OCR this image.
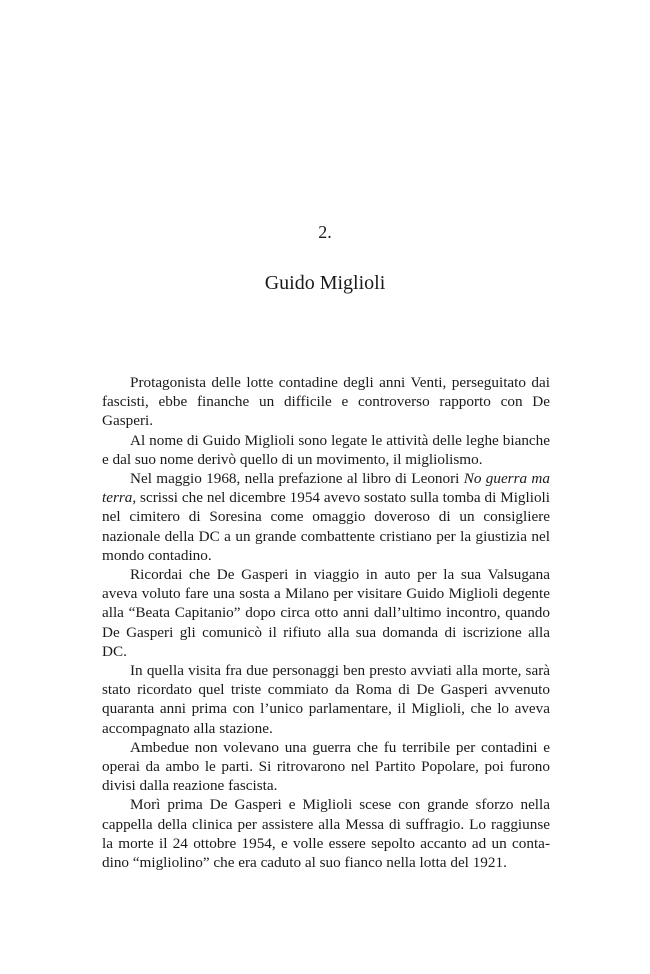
2.
Guido Miglioli

Protagonista delle lotte contadine degli anni Venti, perseguitato dai fascisti, ebbe finanche un difficile e controverso rapporto con De Gasperi.

Al nome di Guido Miglioli sono legate le attività delle leghe bianche e dal suo nome derivò quello di un movimento, il migliolismo.

Nel maggio 1968, nella prefazione al libro di Leonori No guerra ma terra, scrissi che nel dicembre 1954 avevo sostato sulla tomba di Miglioli nel cimitero di Soresina come omaggio doveroso di un consigliere nazionale della DC a un grande combattente cristiano per la giustizia nel mondo contadino.

Ricordai che De Gasperi in viaggio in auto per la sua Valsugana aveva voluto fare una sosta a Milano per visitare Guido Miglioli degente alla “Beata Capitanio” dopo circa otto anni dall’ultimo incontro, quando De Gasperi gli comunicò il rifiuto alla sua domanda di iscrizione alla DC.

In quella visita fra due personaggi ben presto avviati alla morte, sarà stato ricordato quel triste commiato da Roma di De Gasperi avvenuto quaranta anni prima con l’unico parlamentare, il Miglioli, che lo aveva accompagnato alla stazione.

Ambedue non volevano una guerra che fu terribile per contadini e operai da ambo le parti. Si ritrovarono nel Partito Popolare, poi furono divisi dalla reazione fascista.

Morì prima De Gasperi e Miglioli scese con grande sforzo nella cappella della clinica per assistere alla Messa di suffragio. Lo raggiunse la morte il 24 ottobre 1954, e volle essere sepolto accanto ad un contadino “migliolino” che era caduto al suo fianco nella lotta del 1921.
